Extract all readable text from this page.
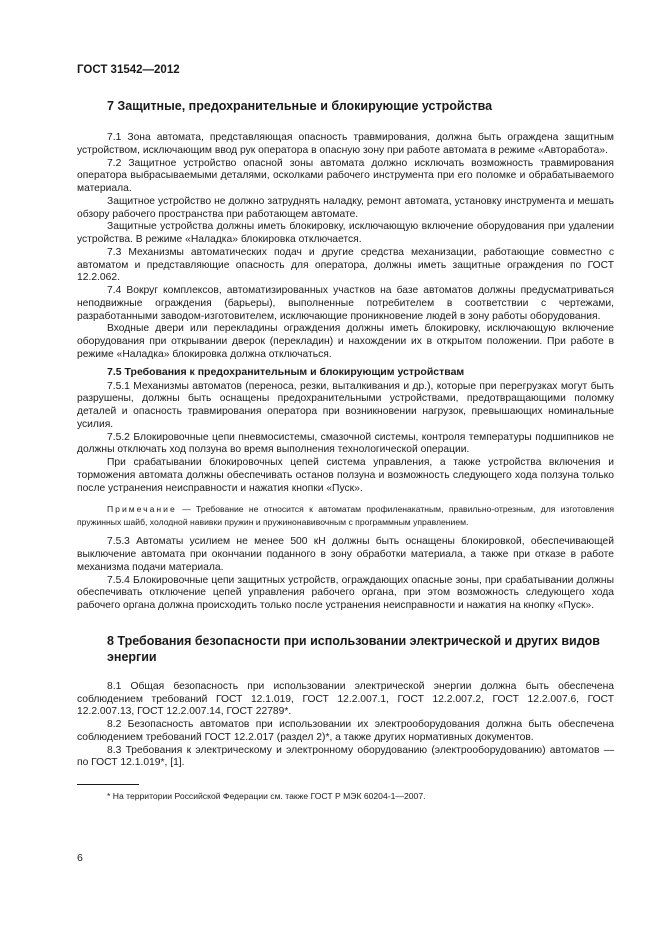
ГОСТ 31542—2012
7 Защитные, предохранительные и блокирующие устройства

7.1 Зона автомата, представляющая опасность травмирования, должна быть ограждена защитным устройством, исключающим ввод рук оператора в опасную зону при работе автомата в режиме «Авторабота».

7.2 Защитное устройство опасной зоны автомата должно исключать возможность травмирования оператора выбрасываемыми деталями, осколками рабочего инструмента при его поломке и обрабатываемого материала.

Защитное устройство не должно затруднять наладку, ремонт автомата, установку инструмента и мешать обзору рабочего пространства при работающем автомате.

Защитные устройства должны иметь блокировку, исключающую включение оборудования при удалении устройства. В режиме «Наладка» блокировка отключается.

7.3 Механизмы автоматических подач и другие средства механизации, работающие совместно с автоматом и представляющие опасность для оператора, должны иметь защитные ограждения по ГОСТ 12.2.062.

7.4 Вокруг комплексов, автоматизированных участков на базе автоматов должны предусматриваться неподвижные ограждения (барьеры), выполненные потребителем в соответствии с чертежами, разработанными заводом-изготовителем, исключающие проникновение людей в зону работы оборудования.

Входные двери или перекладины ограждения должны иметь блокировку, исключающую включение оборудования при открывании дверок (перекладин) и нахождении их в открытом положении. При работе в режиме «Наладка» блокировка должна отключаться.

7.5 Требования к предохранительным и блокирующим устройствам

7.5.1 Механизмы автоматов (переноса, резки, выталкивания и др.), которые при перегрузках могут быть разрушены, должны быть оснащены предохранительными устройствами, предотвращающими поломку деталей и опасность травмирования оператора при возникновении нагрузок, превышающих номинальные усилия.

7.5.2 Блокировочные цепи пневмосистемы, смазочной системы, контроля температуры подшипников не должны отключать ход ползуна во время выполнения технологической операции.

При срабатывании блокировочных цепей система управления, а также устройства включения и торможения автомата должны обеспечивать останов ползуна и возможность следующего хода ползуна только после устранения неисправности и нажатия кнопки «Пуск».

Примечание — Требование не относится к автоматам профиленакатным, правильно-отрезным, для изготовления пружинных шайб, холодной навивки пружин и пружинонавивочным с программным управлением.

7.5.3 Автоматы усилием не менее 500 кН должны быть оснащены блокировкой, обеспечивающей выключение автомата при окончании поданного в зону обработки материала, а также при отказе в работе механизма подачи материала.

7.5.4 Блокировочные цепи защитных устройств, ограждающих опасные зоны, при срабатывании должны обеспечивать отключение цепей управления рабочего органа, при этом возможность следующего хода рабочего органа должна происходить только после устранения неисправности и нажатия на кнопку «Пуск».

8 Требования безопасности при использовании электрической и других видов энергии

8.1 Общая безопасность при использовании электрической энергии должна быть обеспечена соблюдением требований ГОСТ 12.1.019, ГОСТ 12.2.007.1, ГОСТ 12.2.007.2, ГОСТ 12.2.007.6, ГОСТ 12.2.007.13, ГОСТ 12.2.007.14, ГОСТ 22789*.

8.2 Безопасность автоматов при использовании их электрооборудования должна быть обеспечена соблюдением требований ГОСТ 12.2.017 (раздел 2)*, а также других нормативных документов.

8.3 Требования к электрическому и электронному оборудованию (электрооборудованию) автоматов — по ГОСТ 12.1.019*, [1].

* На территории Российской Федерации см. также ГОСТ Р МЭК 60204-1—2007.

6
